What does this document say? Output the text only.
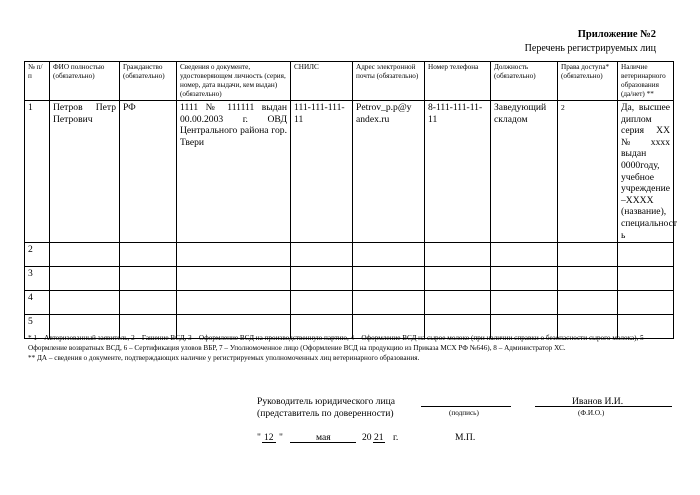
Приложение №2
Перечень регистрируемых лиц
№ п/п	ФИО полностью (обязательно)	Гражданство (обязательно)	Сведения о документе, удостоверяющем личность (серия, номер, дата выдачи, кем выдан) (обязательно)	СНИЛС	Адрес электронной почты (обязательно)	Номер телефона	Должность (обязательно)	Права доступа* (обязательно)	Наличие ветеринарного образования (да/нет) **
1	Петров Петр Петрович	РФ	1111 № 111111 выдан 00.00.2003 г. ОВД Центрального района гор. Твери	111-111-111-11	Petrov_p.p@y andex.ru	8-111-111-11-11	Заведующий складом	2	Да, высшее диплом серия XX №xxxx выдан 0000году, учебное учреждение –XXXX (название), специальност ь
2									
3									
4									
5									

* 1 – Авторизованный заявитель, 2 – Гашение ВСД, 3 – Оформление ВСД на производственную партию, 4 – Оформление ВСД на сырое молоко (при наличии справки о безопасности сырого молока), 5 – Оформление возвратных ВСД, 6 – Сертификация уловов ВБР, 7 – Уполномоченное лицо (Оформление ВСД на продукцию из Приказа МСХ РФ №646), 8 – Администратор ХС.

** ДА – сведения о документе, подтверждающих наличие у регистрируемых уполномоченных лиц ветеринарного образования.

Руководитель юридического лица
(представитель по доверенности)	(подпись)
Иванов И.И.
(Ф.И.О.)
" 12 "	мая	20 21 г.	М.П.
